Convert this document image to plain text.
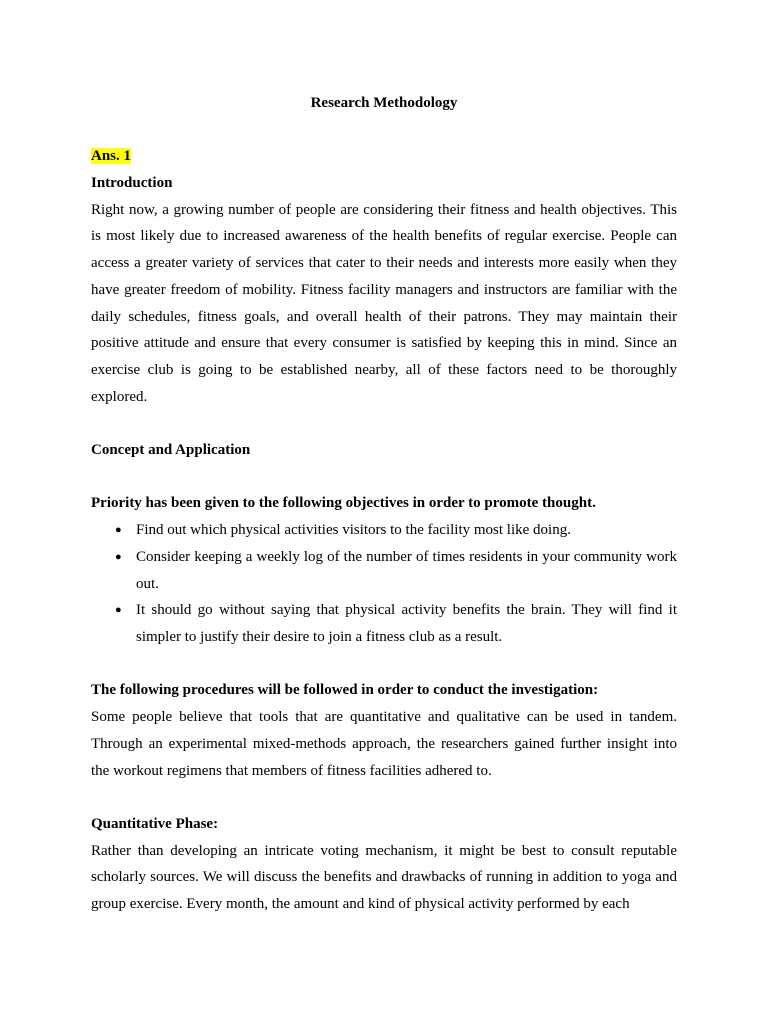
Research Methodology

Ans. 1

Introduction

Right now, a growing number of people are considering their fitness and health objectives. This is most likely due to increased awareness of the health benefits of regular exercise. People can access a greater variety of services that cater to their needs and interests more easily when they have greater freedom of mobility. Fitness facility managers and instructors are familiar with the daily schedules, fitness goals, and overall health of their patrons. They may maintain their positive attitude and ensure that every consumer is satisfied by keeping this in mind. Since an exercise club is going to be established nearby, all of these factors need to be thoroughly explored.

Concept and Application

Priority has been given to the following objectives in order to promote thought.

● Find out which physical activities visitors to the facility most like doing.
● Consider keeping a weekly log of the number of times residents in your community work out.
● It should go without saying that physical activity benefits the brain. They will find it simpler to justify their desire to join a fitness club as a result.

The following procedures will be followed in order to conduct the investigation:

Some people believe that tools that are quantitative and qualitative can be used in tandem. Through an experimental mixed-methods approach, the researchers gained further insight into the workout regimens that members of fitness facilities adhered to.

Quantitative Phase:

Rather than developing an intricate voting mechanism, it might be best to consult reputable scholarly sources. We will discuss the benefits and drawbacks of running in addition to yoga and group exercise. Every month, the amount and kind of physical activity performed by each
